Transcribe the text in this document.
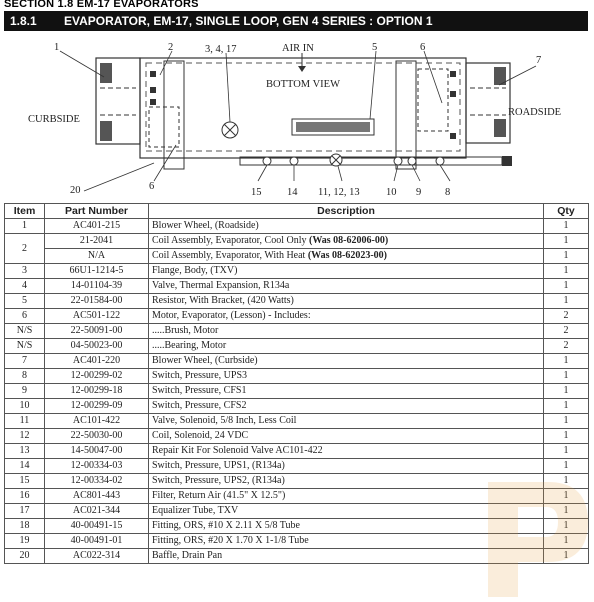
SECTION 1.8 EM-17 EVAPORATORS
1.8.1	EVAPORATOR, EM-17, SINGLE LOOP, GEN 4 SERIES : OPTION 1
CURBSIDE
ROADSIDE
AIR IN
BOTTOM VIEW
1	2	3, 4, 17	5	6
7
20	6
15 14 11, 12, 13	10 9 8
Item	Part Number	Description	Qty
1	AC401-215	Blower Wheel, (Roadside)	1
2	21-2041	Coil Assembly, Evaporator, Cool Only (Was 08-62006-00)	1
	N/A	Coil Assembly, Evaporator, With Heat (Was 08-62023-00)	1
3	66U1-1214-5	Flange, Body, (TXV)	1
4	14-01104-39	Valve, Thermal Expansion, R134a	1
5	22-01584-00	Resistor, With Bracket, (420 Watts)	1
6	AC501-122	Motor, Evaporator, (Lesson) - Includes:	2
N/S	22-50091-00	.....Brush, Motor	2
N/S	04-50023-00	.....Bearing, Motor	2
7	AC401-220	Blower Wheel, (Curbside)	1
8	12-00299-02	Switch, Pressure, UPS3	1
9	12-00299-18	Switch, Pressure, CFS1	1
10	12-00299-09	Switch, Pressure, CFS2	1
11	AC101-422	Valve, Solenoid, 5/8 Inch, Less Coil	1
12	22-50030-00	Coil, Solenoid, 24 VDC	1
13	14-50047-00	Repair Kit For Solenoid Valve AC101-422	1
14	12-00334-03	Switch, Pressure, UPS1, (R134a)	1
15	12-00334-02	Switch, Pressure, UPS2, (R134a)	1
16	AC801-443	Filter, Return Air (41.5" X 12.5")	1
17	AC021-344	Equalizer Tube, TXV	1
18	40-00491-15	Fitting, ORS, #10 X 2.11 X 5/8 Tube	1
19	40-00491-01	Fitting, ORS, #20 X 1.70 X 1-1/8 Tube	1
20	AC022-314	Baffle, Drain Pan	1
